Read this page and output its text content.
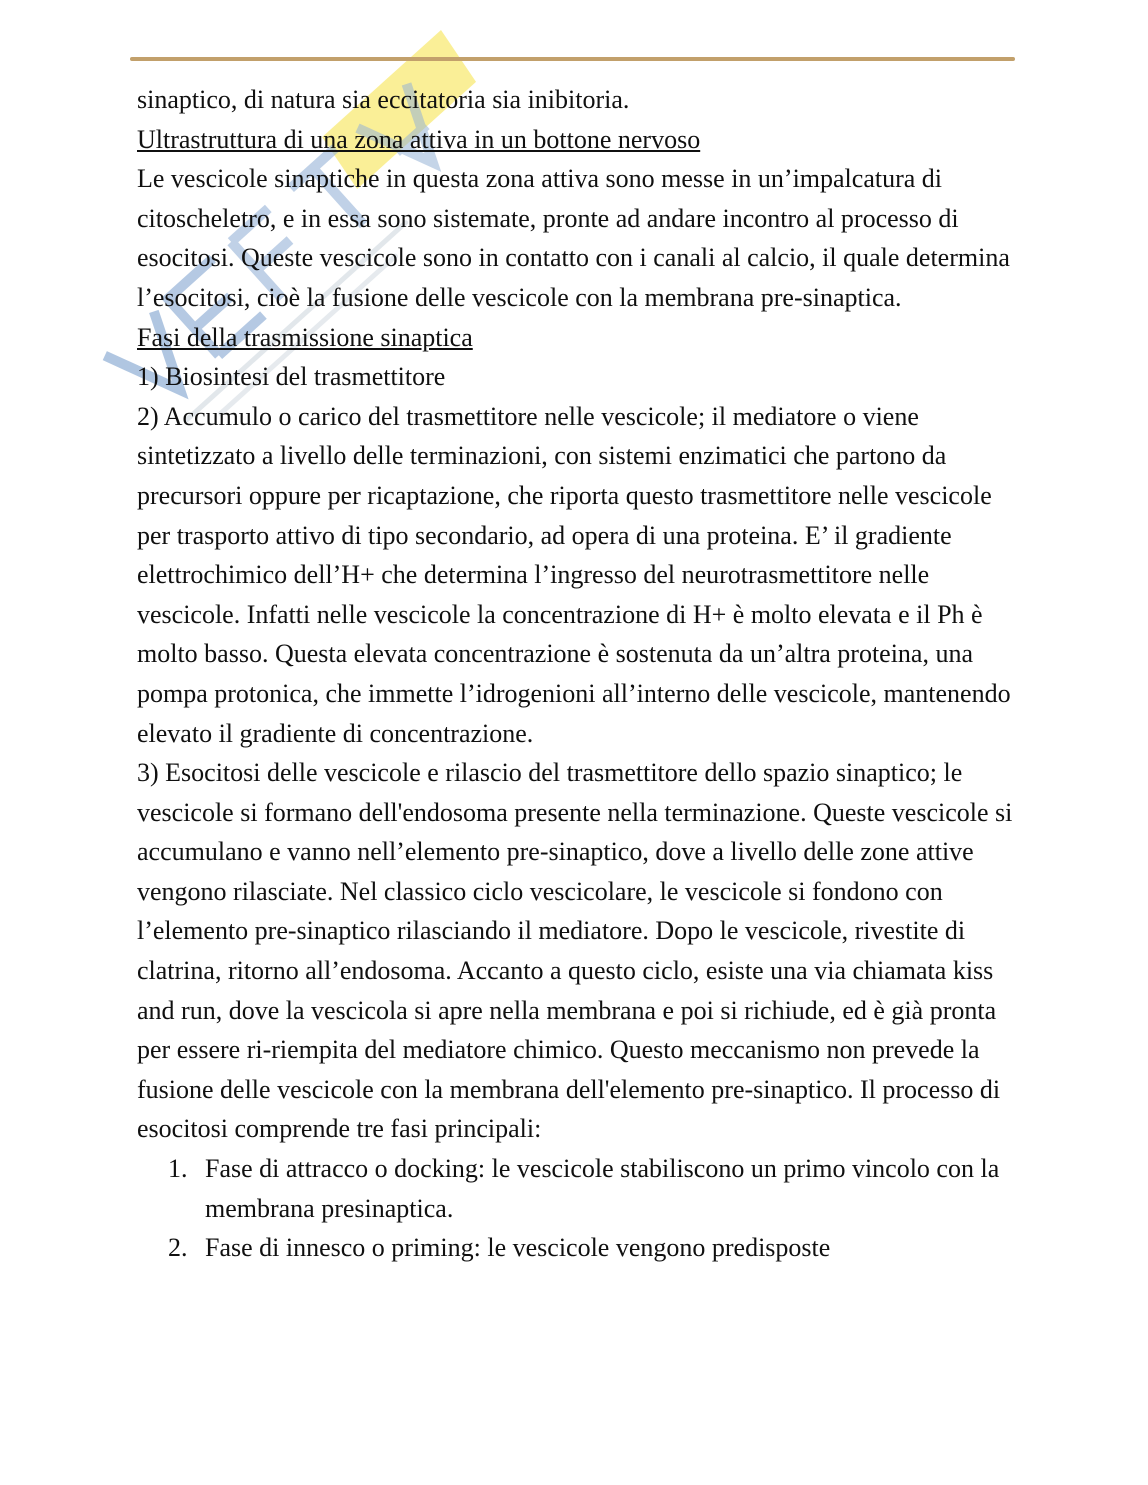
sinaptico, di natura sia eccitatoria sia inibitoria.

Ultrastruttura di una zona attiva in un bottone nervoso

Le vescicole sinaptiche in questa zona attiva sono messe in un’impalcatura di citoscheletro, e in essa sono sistemate, pronte ad andare incontro al processo di esocitosi. Queste vescicole sono in contatto con i canali al calcio, il quale determina l’esocitosi, cioè la fusione delle vescicole con la membrana pre-sinaptica.

Fasi della trasmissione sinaptica

1) Biosintesi del trasmettitore

2) Accumulo o carico del trasmettitore nelle vescicole; il mediatore o viene sintetizzato a livello delle terminazioni, con sistemi enzimatici che partono da precursori oppure per ricaptazione, che riporta questo trasmettitore nelle vescicole per trasporto attivo di tipo secondario, ad opera di una proteina. E’ il gradiente elettrochimico dell’H+ che determina l’ingresso del neurotrasmettitore nelle vescicole. Infatti nelle vescicole la concentrazione di H+ è molto elevata e il Ph è molto basso. Questa elevata concentrazione è sostenuta da un’altra proteina, una pompa protonica, che immette l’idrogenioni all’interno delle vescicole, mantenendo elevato il gradiente di concentrazione.

3) Esocitosi delle vescicole e rilascio del trasmettitore dello spazio sinaptico; le vescicole si formano dell'endosoma presente nella terminazione. Queste vescicole si accumulano e vanno nell’elemento pre-sinaptico, dove a livello delle zone attive vengono rilasciate. Nel classico ciclo vescicolare, le vescicole si fondono con l’elemento pre-sinaptico rilasciando il mediatore. Dopo le vescicole, rivestite di clatrina, ritorno all’endosoma. Accanto a questo ciclo, esiste una via chiamata kiss and run, dove la vescicola si apre nella membrana e poi si richiude, ed è già pronta per essere ri-riempita del mediatore chimico. Questo meccanismo non prevede la fusione delle vescicole con la membrana dell'elemento pre-sinaptico. Il processo di esocitosi comprende tre fasi principali:

1. Fase di attracco o docking: le vescicole stabiliscono un primo vincolo con la membrana presinaptica.
2. Fase di innesco o priming: le vescicole vengono predisposte
